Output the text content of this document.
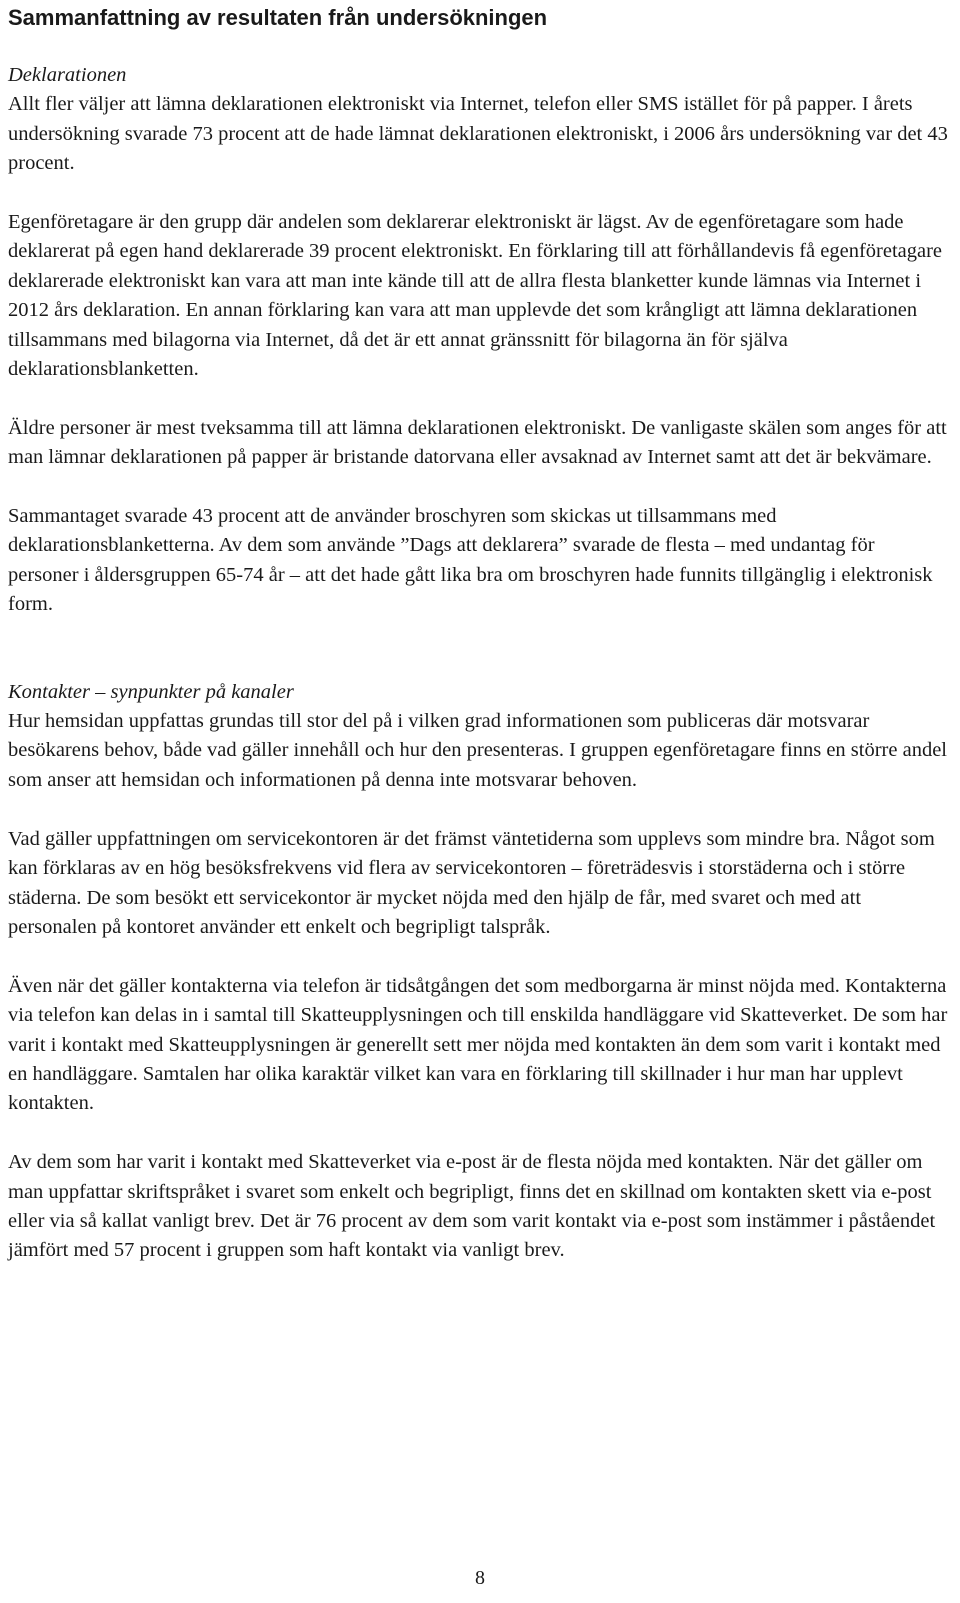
Sammanfattning av resultaten från undersökningen

Deklarationen

Allt fler väljer att lämna deklarationen elektroniskt via Internet, telefon eller SMS istället för på papper. I årets undersökning svarade 73 procent att de hade lämnat deklarationen elektroniskt, i 2006 års undersökning var det 43 procent.

Egenföretagare är den grupp där andelen som deklarerar elektroniskt är lägst. Av de egenföretagare som hade deklarerat på egen hand deklarerade 39 procent elektroniskt. En förklaring till att förhållandevis få egenföretagare deklarerade elektroniskt kan vara att man inte kände till att de allra flesta blanketter kunde lämnas via Internet i 2012 års deklaration. En annan förklaring kan vara att man upplevde det som krångligt att lämna deklarationen tillsammans med bilagorna via Internet, då det är ett annat gränssnitt för bilagorna än för själva deklarationsblanketten.

Äldre personer är mest tveksamma till att lämna deklarationen elektroniskt. De vanligaste skälen som anges för att man lämnar deklarationen på papper är bristande datorvana eller avsaknad av Internet samt att det är bekvämare.

Sammantaget svarade 43 procent att de använder broschyren som skickas ut tillsammans med deklarationsblanketterna. Av dem som använde ”Dags att deklarera” svarade de flesta – med undantag för personer i åldersgruppen 65-74 år – att det hade gått lika bra om broschyren hade funnits tillgänglig i elektronisk form.

Kontakter – synpunkter på kanaler

Hur hemsidan uppfattas grundas till stor del på i vilken grad informationen som publiceras där motsvarar besökarens behov, både vad gäller innehåll och hur den presenteras. I gruppen egenföretagare finns en större andel som anser att hemsidan och informationen på denna inte motsvarar behoven.

Vad gäller uppfattningen om servicekontoren är det främst väntetiderna som upplevs som mindre bra. Något som kan förklaras av en hög besöksfrekvens vid flera av servicekontoren – företrädesvis i storstäderna och i större städerna. De som besökt ett servicekontor är mycket nöjda med den hjälp de får, med svaret och med att personalen på kontoret använder ett enkelt och begripligt talspråk.

Även när det gäller kontakterna via telefon är tidsåtgången det som medborgarna är minst nöjda med. Kontakterna via telefon kan delas in i samtal till Skatteupplysningen och till enskilda handläggare vid Skatteverket. De som har varit i kontakt med Skatteupplysningen är generellt sett mer nöjda med kontakten än dem som varit i kontakt med en handläggare. Samtalen har olika karaktär vilket kan vara en förklaring till skillnader i hur man har upplevt kontakten.

Av dem som har varit i kontakt med Skatteverket via e-post är de flesta nöjda med kontakten. När det gäller om man uppfattar skriftspråket i svaret som enkelt och begripligt, finns det en skillnad om kontakten skett via e-post eller via så kallat vanligt brev. Det är 76 procent av dem som varit kontakt via e-post som instämmer i påståendet jämfört med 57 procent i gruppen som haft kontakt via vanligt brev.

8
